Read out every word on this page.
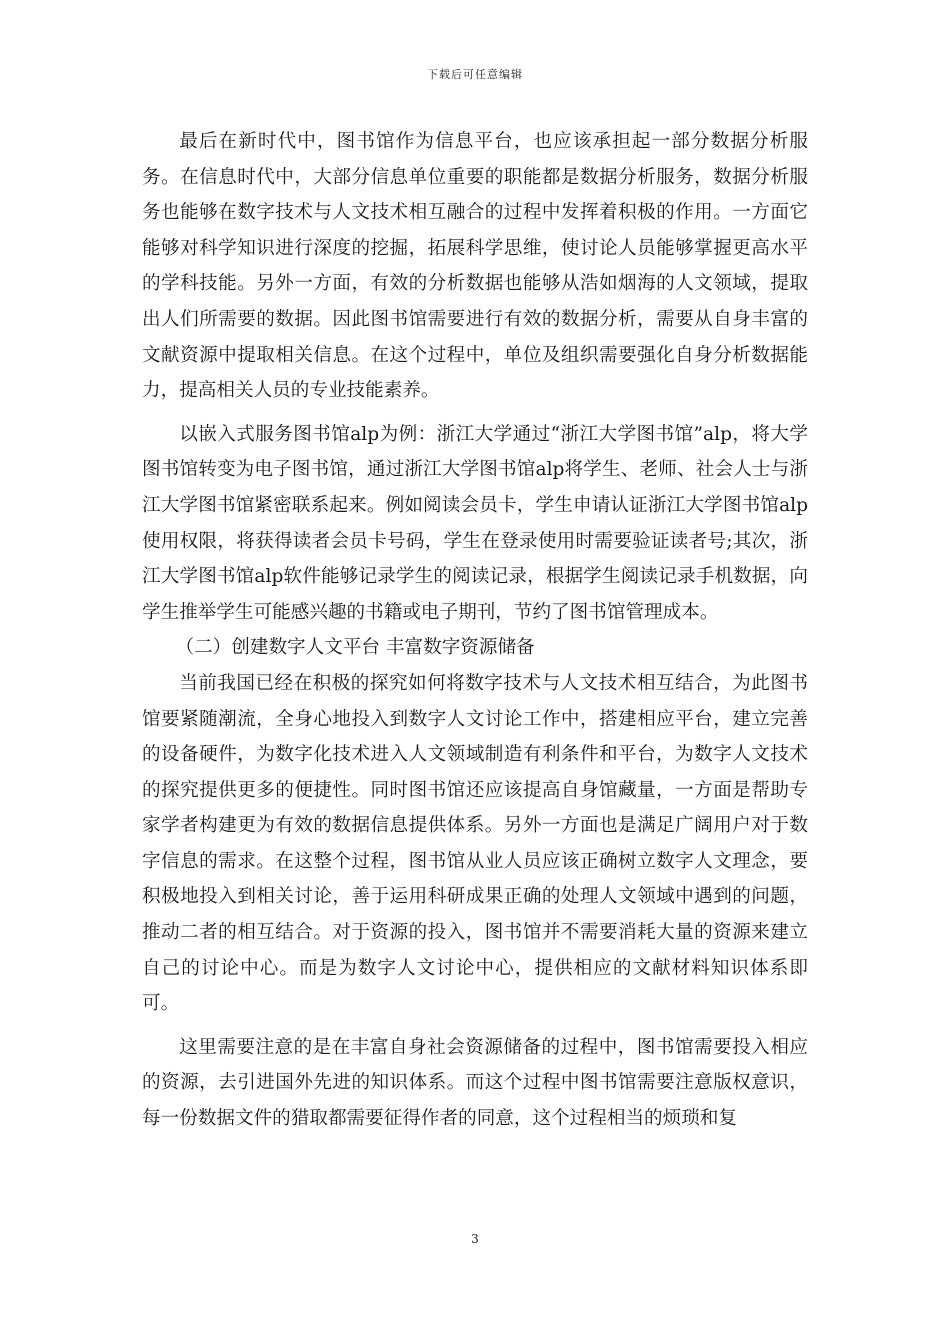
下载后可任意编辑

最后在新时代中，图书馆作为信息平台，也应该承担起一部分数据分析服务。在信息时代中，大部分信息单位重要的职能都是数据分析服务，数据分析服务也能够在数字技术与人文技术相互融合的过程中发挥着积极的作用。一方面它能够对科学知识进行深度的挖掘，拓展科学思维，使讨论人员能够掌握更高水平的学科技能。另外一方面，有效的分析数据也能够从浩如烟海的人文领域，提取出人们所需要的数据。因此图书馆需要进行有效的数据分析，需要从自身丰富的文献资源中提取相关信息。在这个过程中，单位及组织需要强化自身分析数据能力，提高相关人员的专业技能素养。

以嵌入式服务图书馆alp为例：浙江大学通过“浙江大学图书馆”alp，将大学图书馆转变为电子图书馆，通过浙江大学图书馆alp将学生、老师、社会人士与浙江大学图书馆紧密联系起来。例如阅读会员卡，学生申请认证浙江大学图书馆alp使用权限，将获得读者会员卡号码，学生在登录使用时需要验证读者号;其次，浙江大学图书馆alp软件能够记录学生的阅读记录，根据学生阅读记录手机数据，向学生推举学生可能感兴趣的书籍或电子期刊，节约了图书馆管理成本。

（二）创建数字人文平台 丰富数字资源储备

当前我国已经在积极的探究如何将数字技术与人文技术相互结合，为此图书馆要紧随潮流，全身心地投入到数字人文讨论工作中，搭建相应平台，建立完善的设备硬件，为数字化技术进入人文领域制造有利条件和平台，为数字人文技术的探究提供更多的便捷性。同时图书馆还应该提高自身馆藏量，一方面是帮助专家学者构建更为有效的数据信息提供体系。另外一方面也是满足广阔用户对于数字信息的需求。在这整个过程，图书馆从业人员应该正确树立数字人文理念，要积极地投入到相关讨论，善于运用科研成果正确的处理人文领域中遇到的问题，推动二者的相互结合。对于资源的投入，图书馆并不需要消耗大量的资源来建立自己的讨论中心。而是为数字人文讨论中心，提供相应的文献材料知识体系即可。

这里需要注意的是在丰富自身社会资源储备的过程中，图书馆需要投入相应的资源，去引进国外先进的知识体系。而这个过程中图书馆需要注意版权意识，每一份数据文件的猎取都需要征得作者的同意，这个过程相当的烦琐和复

3
